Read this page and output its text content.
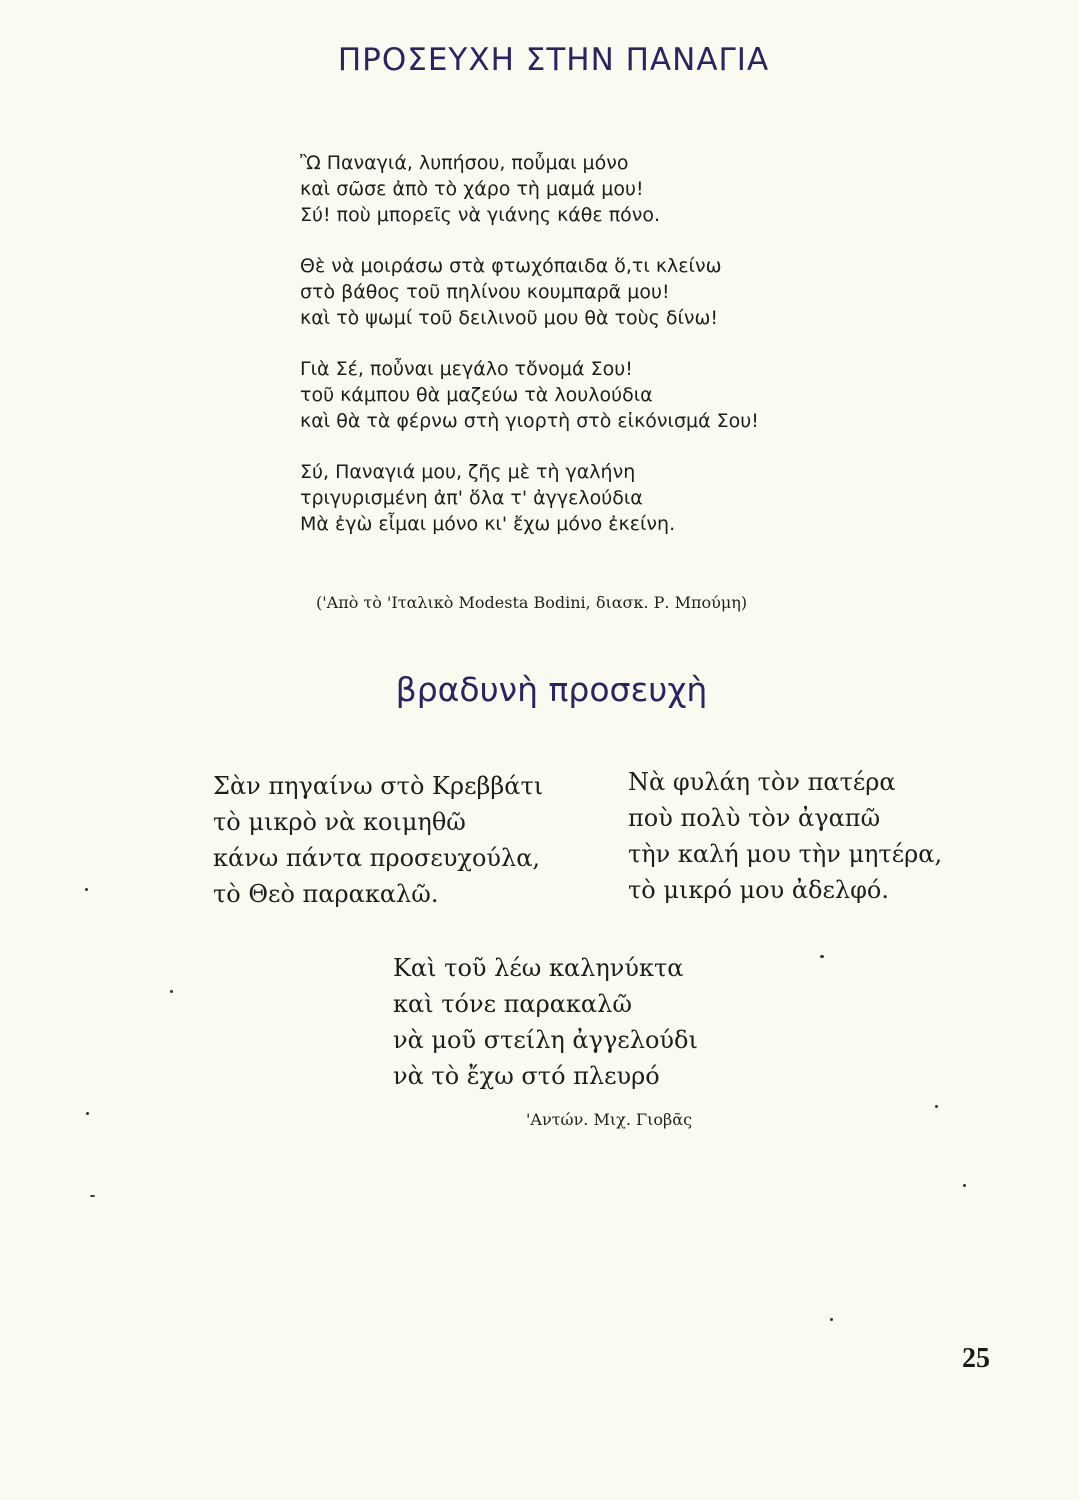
ΠΡΟΣΕΥΧΗ ΣΤΗΝ ΠΑΝΑΓΙΑ
Ὢ Παναγιά, λυπήσου, ποὖμαι μόνο
καὶ σῶσε ἀπὸ τὸ χάρο τὴ μαμά μου!
Σύ! ποὺ μπορεῖς νὰ γιάνης κάθε πόνο.
Θὲ νὰ μοιράσω στὰ φτωχόπαιδα ὅ,τι κλείνω
στὸ βάθος τοῦ πηλίνου κουμπαρᾶ μου!
καὶ τὸ ψωμί τοῦ δειλινοῦ μου θὰ τοὺς δίνω!
Γιὰ Σέ, ποὖναι μεγάλο τὄνομά Σου!
τοῦ κάμπου θὰ μαζεύω τὰ λουλούδια
καὶ θὰ τὰ φέρνω στὴ γιορτὴ στὸ εἰκόνισμά Σου!
Σύ, Παναγιά μου, ζῆς μὲ τὴ γαλήνη
τριγυρισμένη ἀπ' ὅλα τ' ἀγγελούδια
Μὰ ἐγὼ εἶμαι μόνο κι' ἔχω μόνο ἐκείνη.
('Απὸ τὸ 'Ιταλικὸ Modesta Bodini, διασκ. Ρ. Μπούμη)
βραδυνὴ προσευχὴ
Σὰν πηγαίνω στὸ Κρεββάτι
τὸ μικρὸ νὰ κοιμηθῶ
κάνω πάντα προσευχούλα,
τὸ Θεὸ παρακαλῶ.
Νὰ φυλάη τὸν πατέρα
ποὺ πολὺ τὸν ἀγαπῶ
τὴν καλή μου τὴν μητέρα,
τὸ μικρό μου ἀδελφό.
Καὶ τοῦ λέω καληνύκτα
καὶ τόνε παρακαλῶ
νὰ μοῦ στείλη ἀγγελούδι
νὰ τὸ ἔχω στό πλευρό
'Αντών. Μιχ. Γιοβᾶς
25
